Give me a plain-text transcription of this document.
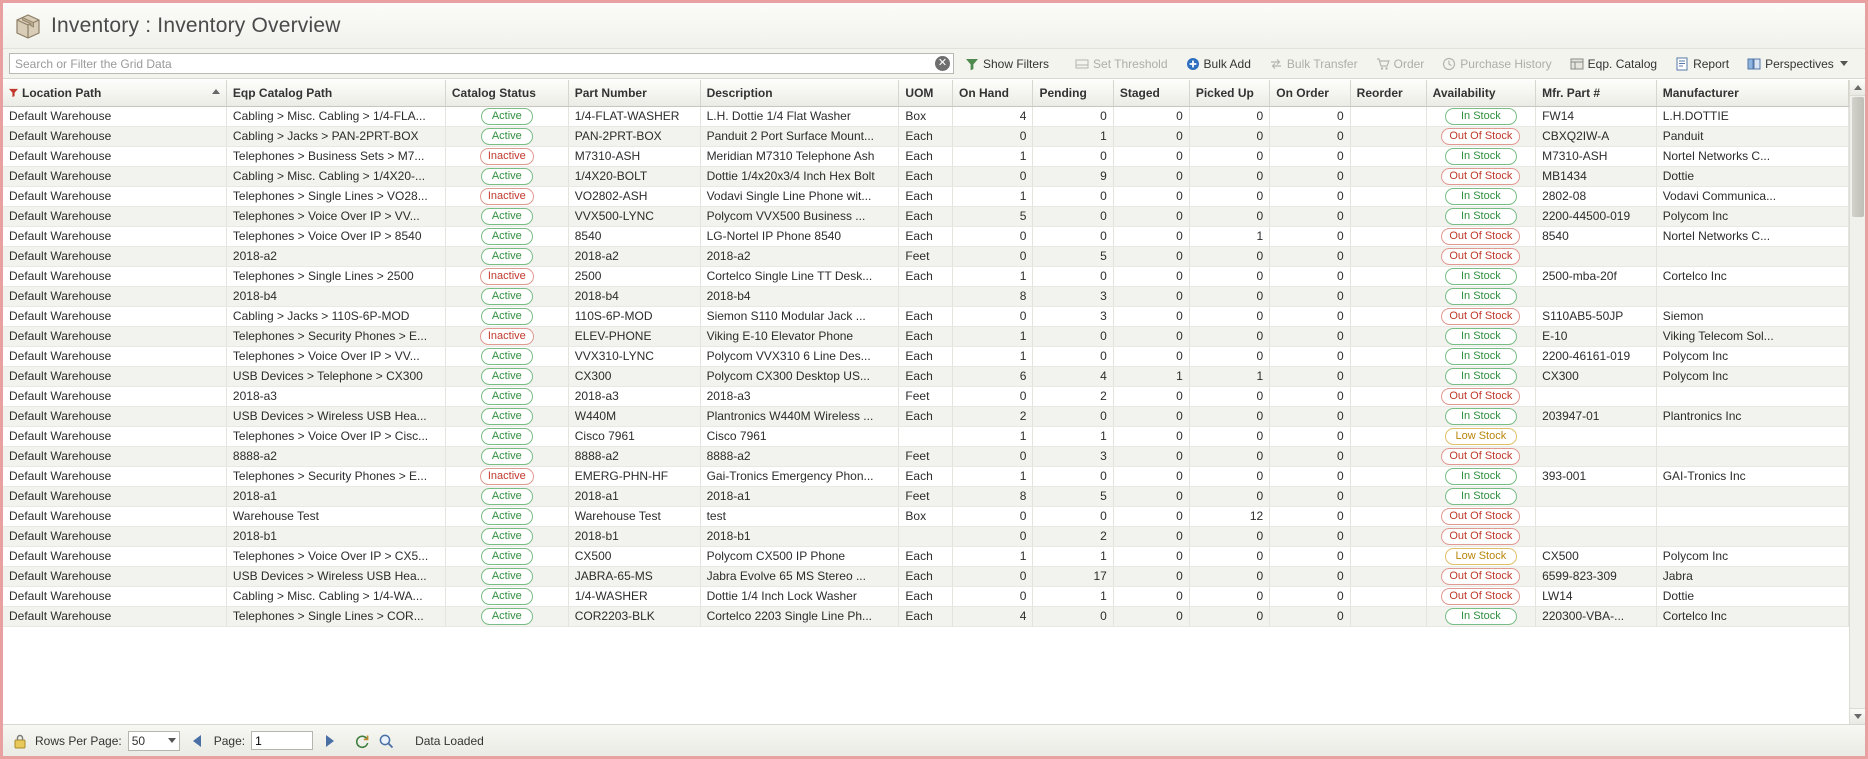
Inventory : Inventory Overview
Search or Filter the Grid Data
✕	Show Filters	Set Threshold	Bulk Add	Bulk Transfer	Order	Purchase History	Eqp. Catalog	Report	Perspectives
Location Path	Eqp Catalog Path	Catalog Status	Part Number	Description	UOM	On Hand	Pending	Staged	Picked Up	On Order	Reorder	Availability	Mfr. Part #	Manufacturer
Default Warehouse	Cabling > Misc. Cabling > 1/4-FLA...	Active	1/4-FLAT-WASHER	L.H. Dottie 1/4 Flat Washer	Box	4	0	0	0	0		In Stock	FW14	L.H.DOTTIE
Default Warehouse	Cabling > Jacks > PAN-2PRT-BOX	Active	PAN-2PRT-BOX	Panduit 2 Port Surface Mount...	Each	0	1	0	0	0		Out Of Stock	CBXQ2IW-A	Panduit
Default Warehouse	Telephones > Business Sets > M7...	Inactive	M7310-ASH	Meridian M7310 Telephone Ash	Each	1	0	0	0	0		In Stock	M7310-ASH	Nortel Networks C...
Default Warehouse	Cabling > Misc. Cabling > 1/4X20-...	Active	1/4X20-BOLT	Dottie 1/4x20x3/4 Inch Hex Bolt	Each	0	9	0	0	0		Out Of Stock	MB1434	Dottie
Default Warehouse	Telephones > Single Lines > VO28...	Inactive	VO2802-ASH	Vodavi Single Line Phone wit...	Each	1	0	0	0	0		In Stock	2802-08	Vodavi Communica...
Default Warehouse	Telephones > Voice Over IP > VV...	Active	VVX500-LYNC	Polycom VVX500 Business ...	Each	5	0	0	0	0		In Stock	2200-44500-019	Polycom Inc
Default Warehouse	Telephones > Voice Over IP > 8540	Active	8540	LG-Nortel IP Phone 8540	Each	0	0	0	1	0		Out Of Stock	8540	Nortel Networks C...
Default Warehouse	2018-a2	Active	2018-a2	2018-a2	Feet	0	5	0	0	0		Out Of Stock		
Default Warehouse	Telephones > Single Lines > 2500	Inactive	2500	Cortelco Single Line TT Desk...	Each	1	0	0	0	0		In Stock	2500-mba-20f	Cortelco Inc
Default Warehouse	2018-b4	Active	2018-b4	2018-b4		8	3	0	0	0		In Stock		
Default Warehouse	Cabling > Jacks > 110S-6P-MOD	Active	110S-6P-MOD	Siemon S110 Modular Jack ...	Each	0	3	0	0	0		Out Of Stock	S110AB5-50JP	Siemon
Default Warehouse	Telephones > Security Phones > E...	Inactive	ELEV-PHONE	Viking E-10 Elevator Phone	Each	1	0	0	0	0		In Stock	E-10	Viking Telecom Sol...
Default Warehouse	Telephones > Voice Over IP > VV...	Active	VVX310-LYNC	Polycom VVX310 6 Line Des...	Each	1	0	0	0	0		In Stock	2200-46161-019	Polycom Inc
Default Warehouse	USB Devices > Telephone > CX300	Active	CX300	Polycom CX300 Desktop US...	Each	6	4	1	1	0		In Stock	CX300	Polycom Inc
Default Warehouse	2018-a3	Active	2018-a3	2018-a3	Feet	0	2	0	0	0		Out Of Stock		
Default Warehouse	USB Devices > Wireless USB Hea...	Active	W440M	Plantronics W440M Wireless ...	Each	2	0	0	0	0		In Stock	203947-01	Plantronics Inc
Default Warehouse	Telephones > Voice Over IP > Cisc...	Active	Cisco 7961	Cisco 7961		1	1	0	0	0		Low Stock		
Default Warehouse	8888-a2	Active	8888-a2	8888-a2	Feet	0	3	0	0	0		Out Of Stock		
Default Warehouse	Telephones > Security Phones > E...	Inactive	EMERG-PHN-HF	Gai-Tronics Emergency Phon...	Each	1	0	0	0	0		In Stock	393-001	GAI-Tronics Inc
Default Warehouse	2018-a1	Active	2018-a1	2018-a1	Feet	8	5	0	0	0		In Stock		
Default Warehouse	Warehouse Test	Active	Warehouse Test	test	Box	0	0	0	12	0		Out Of Stock		
Default Warehouse	2018-b1	Active	2018-b1	2018-b1		0	2	0	0	0		Out Of Stock		
Default Warehouse	Telephones > Voice Over IP > CX5...	Active	CX500	Polycom CX500 IP Phone	Each	1	1	0	0	0		Low Stock	CX500	Polycom Inc
Default Warehouse	USB Devices > Wireless USB Hea...	Active	JABRA-65-MS	Jabra Evolve 65 MS Stereo ...	Each	0	17	0	0	0		Out Of Stock	6599-823-309	Jabra
Default Warehouse	Cabling > Misc. Cabling > 1/4-WA...	Active	1/4-WASHER	Dottie 1/4 Inch Lock Washer	Each	0	1	0	0	0		Out Of Stock	LW14	Dottie
Default Warehouse	Telephones > Single Lines > COR...	Active	COR2203-BLK	Cortelco 2203 Single Line Ph...	Each	4	0	0	0	0		In Stock	220300-VBA-...	Cortelco Inc
Rows Per Page: 50	Page:
1	Data Loaded
